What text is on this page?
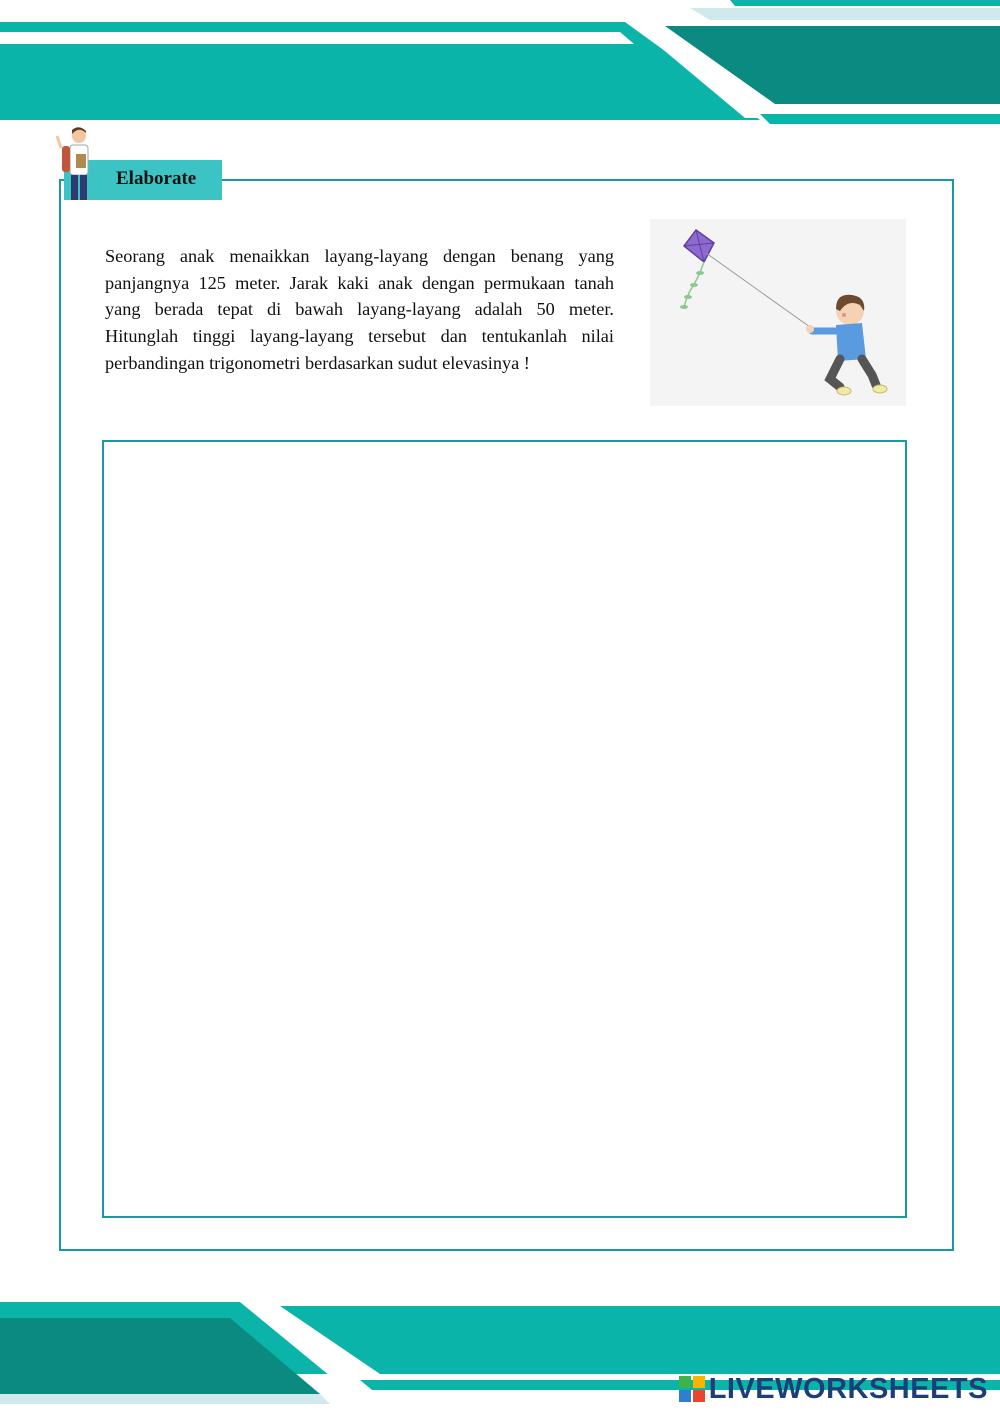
Elaborate

Seorang anak menaikkan layang-layang dengan benang yang panjangnya 125 meter. Jarak kaki anak dengan permukaan tanah yang berada tepat di bawah layang-layang adalah 50 meter. Hitunglah tinggi layang-layang tersebut dan tentukanlah nilai perbandingan trigonometri berdasarkan sudut elevasinya !

LIVEWORKSHEETS
